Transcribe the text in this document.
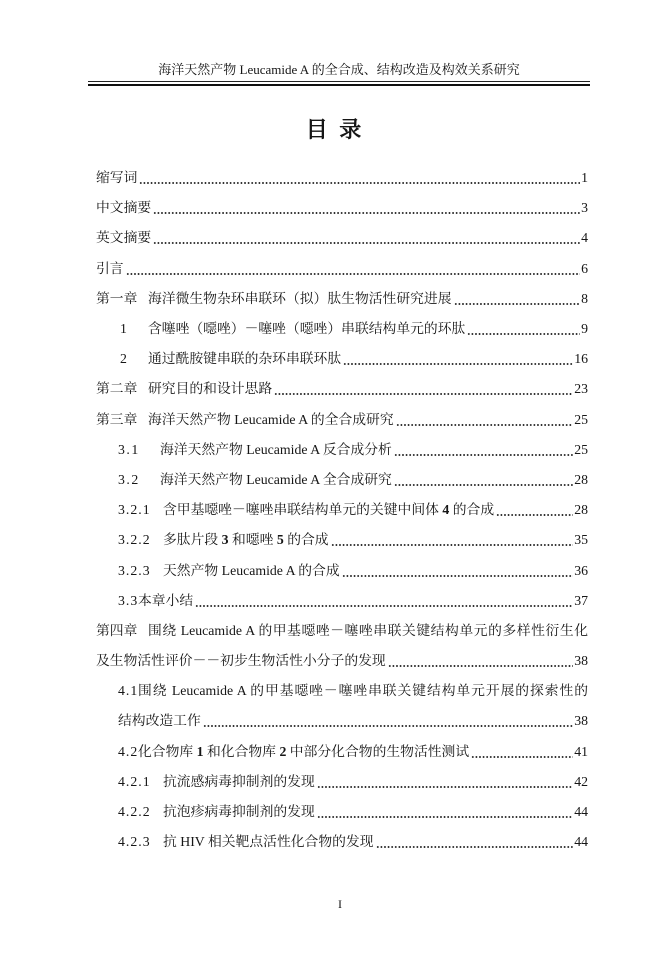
海洋天然产物 Leucamide A 的全合成、结构改造及构效关系研究
目 录
缩写词	1
中文摘要	3
英文摘要	4
引言	6
第一章 海洋微生物杂环串联环（拟）肽生物活性研究进展	8
1	含噻唑（噁唑）－噻唑（噁唑）串联结构单元的环肽	9
2	通过酰胺键串联的杂环串联环肽	16
第二章 研究目的和设计思路	23
第三章 海洋天然产物 Leucamide A 的全合成研究	25
3.1	海洋天然产物 Leucamide A 反合成分析	25
3.2	海洋天然产物 Leucamide A 全合成研究	28
3.2.1 含甲基噁唑－噻唑串联结构单元的关键中间体 4 的合成	28
3.2.2 多肽片段 3 和噁唑 5 的合成	35
3.2.3 天然产物 Leucamide A 的合成	36
3.3 本章小结	37
第四章 围绕 Leucamide A 的甲基噁唑－噻唑串联关键结构单元的多样性衍生化
及生物活性评价－－初步生物活性小分子的发现	38
4.1 围绕 Leucamide A 的甲基噁唑－噻唑串联关键结构单元开展的探索性的
结构改造工作	38
4.2 化合物库 1 和化合物库 2 中部分化合物的生物活性测试	41
4.2.1 抗流感病毒抑制剂的发现	42
4.2.2 抗泡疹病毒抑制剂的发现	44
4.2.3 抗 HIV 相关靶点活性化合物的发现	44
I
